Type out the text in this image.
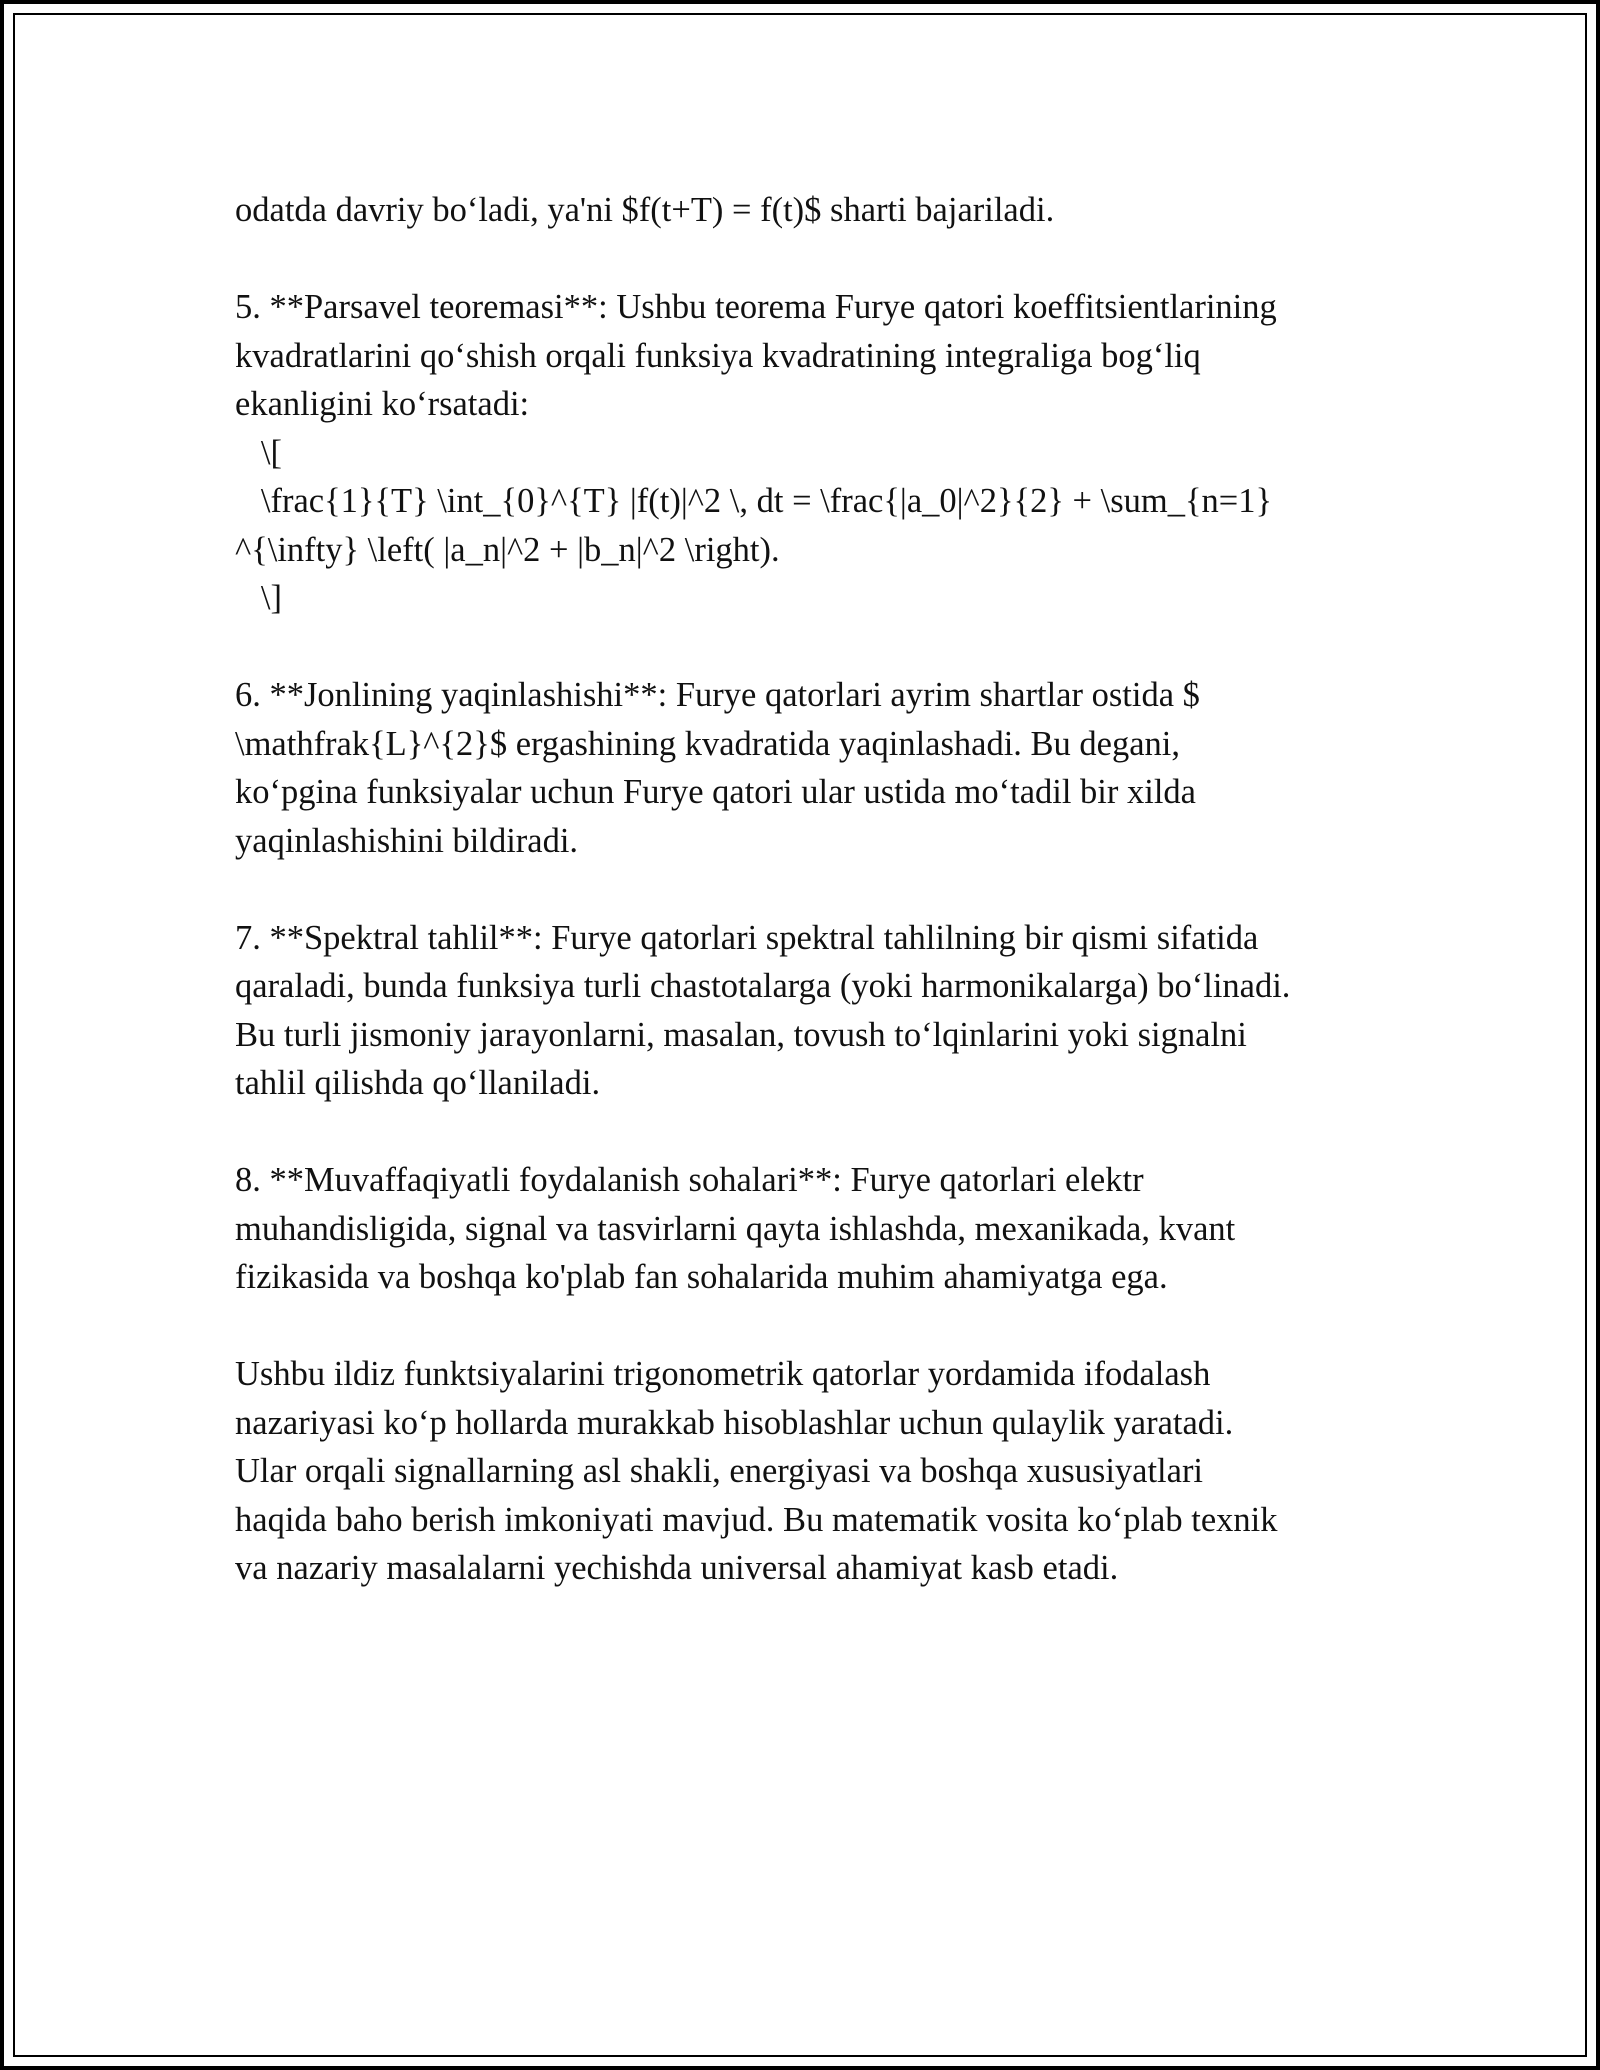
odatda davriy bo‘ladi, ya'ni $f(t+T) = f(t)$ sharti bajariladi.
5. **Parsavel teoremasi**: Ushbu teorema Furye qatori koeffitsientlarining
kvadratlarini qo‘shish orqali funksiya kvadratining integraliga bog‘liq
ekanligini ko‘rsatadi:
\[
\frac{1}{T} \int_{0}^{T} |f(t)|^2 \, dt = \frac{|a_0|^2}{2} + \sum_{n=1}
^{\infty} \left( |a_n|^2 + |b_n|^2 \right).
\]
6. **Jonlining yaqinlashishi**: Furye qatorlari ayrim shartlar ostida $
\mathfrak{L}^{2}$ ergashining kvadratida yaqinlashadi. Bu degani,
ko‘pgina funksiyalar uchun Furye qatori ular ustida mo‘tadil bir xilda
yaqinlashishini bildiradi.
7. **Spektral tahlil**: Furye qatorlari spektral tahlilning bir qismi sifatida
qaraladi, bunda funksiya turli chastotalarga (yoki harmonikalarga) bo‘linadi.
Bu turli jismoniy jarayonlarni, masalan, tovush to‘lqinlarini yoki signalni
tahlil qilishda qo‘llaniladi.
8. **Muvaffaqiyatli foydalanish sohalari**: Furye qatorlari elektr
muhandisligida, signal va tasvirlarni qayta ishlashda, mexanikada, kvant
fizikasida va boshqa ko'plab fan sohalarida muhim ahamiyatga ega.
Ushbu ildiz funktsiyalarini trigonometrik qatorlar yordamida ifodalash
nazariyasi ko‘p hollarda murakkab hisoblashlar uchun qulaylik yaratadi.
Ular orqali signallarning asl shakli, energiyasi va boshqa xususiyatlari
haqida baho berish imkoniyati mavjud. Bu matematik vosita ko‘plab texnik
va nazariy masalalarni yechishda universal ahamiyat kasb etadi.
